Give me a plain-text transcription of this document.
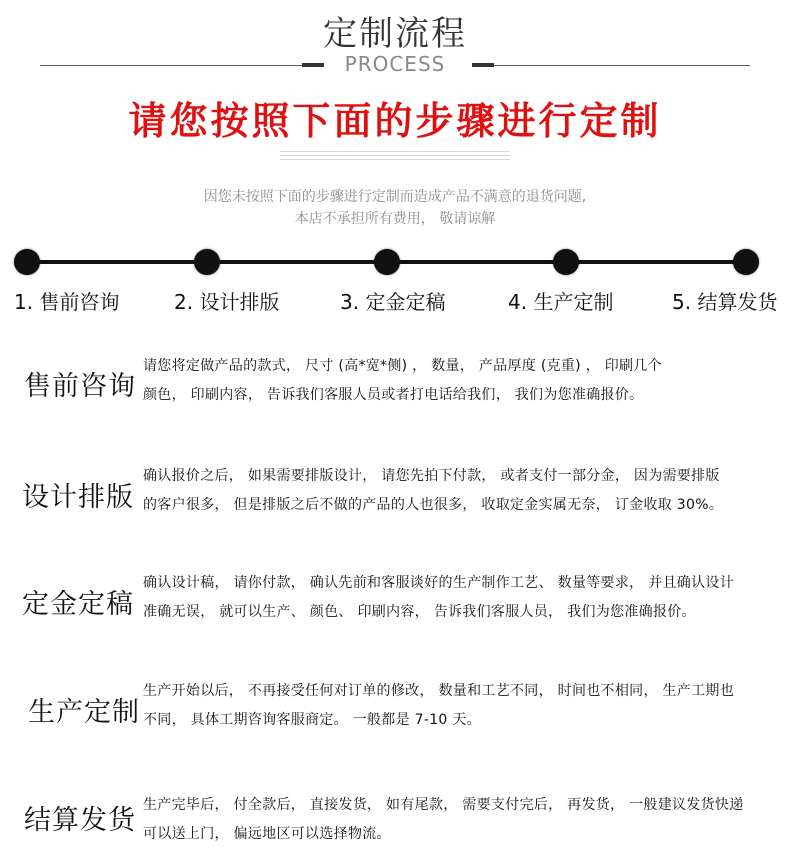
定制流程
PROCESS
请您按照下面的步骤进行定制
因您未按照下面的步骤进行定制而造成产品不满意的退货问题,
本店不承担所有费用， 敬请谅解
1. 售前咨询	2. 设计排版	3. 定金定稿	4. 生产定制	5. 结算发货
售前咨询
请您将定做产品的款式， 尺寸 (高*宽*侧) ， 数量， 产品厚度 (克重) ， 印刷几个
颜色， 印刷内容， 告诉我们客服人员或者打电话给我们， 我们为您准确报价。
设计排版
确认报价之后， 如果需要排版设计， 请您先拍下付款， 或者支付一部分金， 因为需要排版
的客户很多， 但是排版之后不做的产品的人也很多， 收取定金实属无奈， 订金收取 30%。
定金定稿
确认设计稿， 请你付款， 确认先前和客服谈好的生产制作工艺、 数量等要求， 并且确认设计
准确无误， 就可以生产、 颜色、 印刷内容， 告诉我们客服人员， 我们为您准确报价。
生产定制
生产开始以后， 不再接受任何对订单的修改， 数量和工艺不同， 时间也不相同， 生产工期也
不同， 具体工期咨询客服商定。 一般都是 7-10 天。
结算发货 生产完毕后， 付全款后， 直接发货， 如有尾款， 需要支付完后， 再发货， 一般建议发货快递
可以送上门， 偏远地区可以选择物流。
